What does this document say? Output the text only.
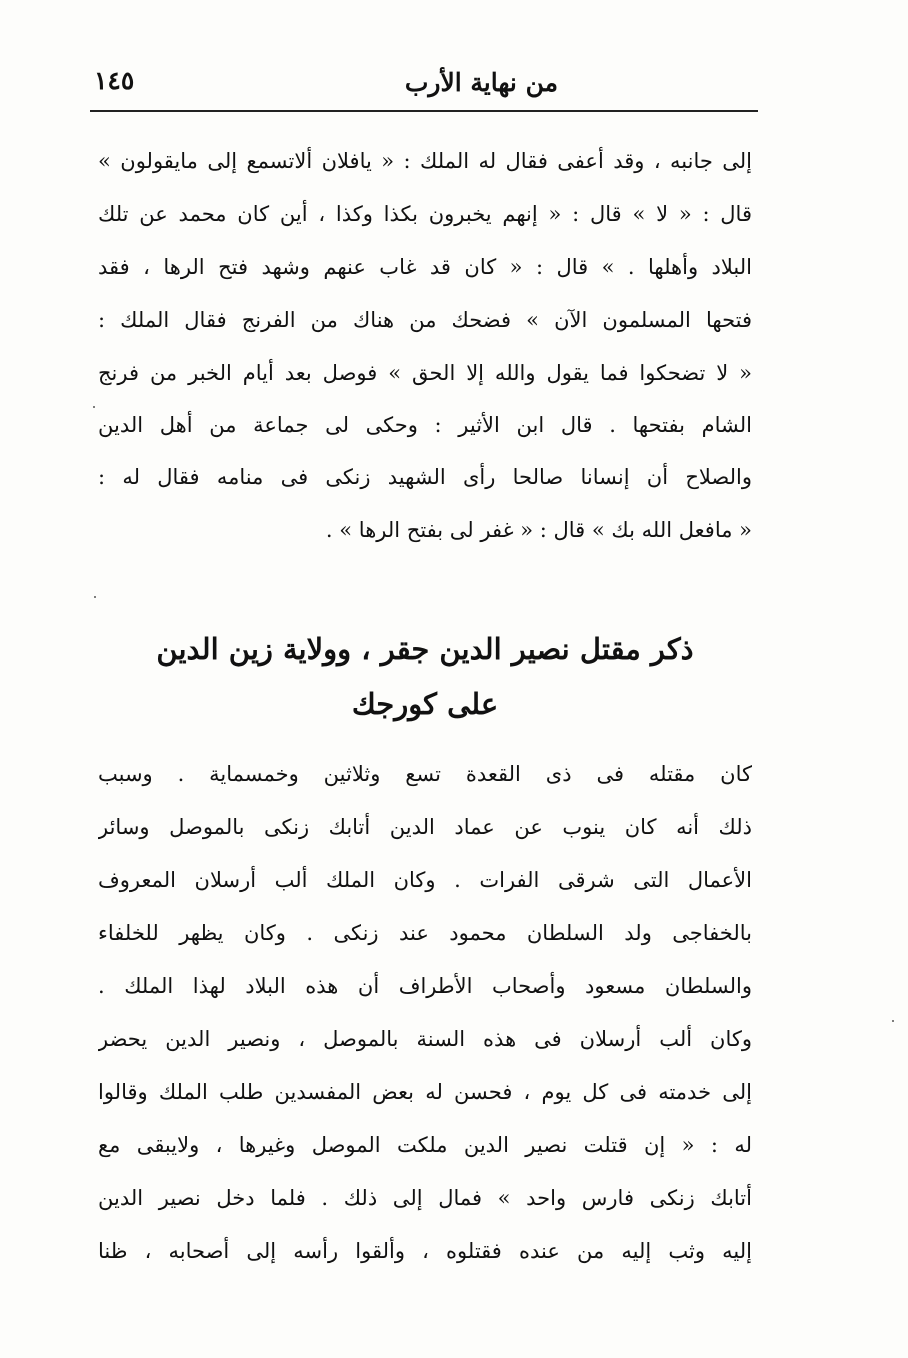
من نهاية الأرب
١٤٥
إلى جانبه ، وقد أعفى فقال له الملك : « يافلان ألاتسمع إلى مايقولون »
قال : « لا » قال : « إنهم يخبرون بكذا وكذا ، أين كان محمد عن تلك
البلاد وأهلها . » قال : « كان قد غاب عنهم وشهد فتح الرها ، فقد
فتحها المسلمون الآن » فضحك من هناك من الفرنج فقال الملك :
« لا تضحكوا فما يقول والله إلا الحق » فوصل بعد أيام الخبر من فرنج
الشام بفتحها . قال ابن الأثير : وحكى لى جماعة من أهل الدين
والصلاح أن إنسانا صالحا رأى الشهيد زنكى فى منامه فقال له :
« مافعل الله بك » قال : « غفر لى بفتح الرها » .
ذكر مقتل نصير الدين جقر ، وولاية زين الدين
على كورجك
كان مقتله فى ذى القعدة تسع وثلاثين وخمسماية . وسبب
ذلك أنه كان ينوب عن عماد الدين أتابك زنكى بالموصل وسائر
الأعمال التى شرقى الفرات . وكان الملك ألب أرسلان المعروف
بالخفاجى ولد السلطان محمود عند زنكى . وكان يظهر للخلفاء
والسلطان مسعود وأصحاب الأطراف أن هذه البلاد لهذا الملك .
وكان ألب أرسلان فى هذه السنة بالموصل ، ونصير الدين يحضر
إلى خدمته فى كل يوم ، فحسن له بعض المفسدين طلب الملك وقالوا
له : « إن قتلت نصير الدين ملكت الموصل وغيرها ، ولايبقى مع
أتابك زنكى فارس واحد » فمال إلى ذلك . فلما دخل نصير الدين
إليه وثب إليه من عنده فقتلوه ، وألقوا رأسه إلى أصحابه ، ظنا
